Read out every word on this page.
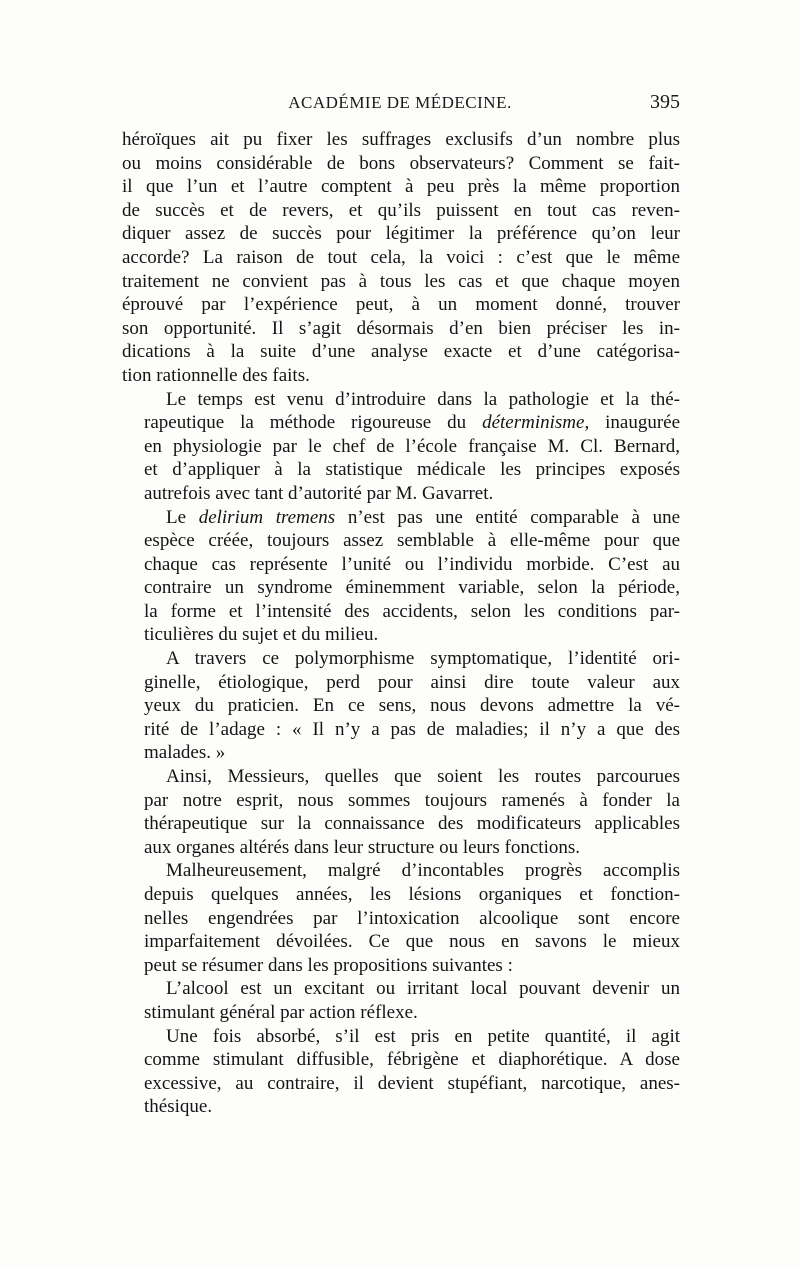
ACADÉMIE DE MÉDECINE.	395
héroïques ait pu fixer les suffrages exclusifs d’un nombre plus
ou moins considérable de bons observateurs? Comment se fait-
il que l’un et l’autre comptent à peu près la même proportion
de succès et de revers, et qu’ils puissent en tout cas reven-
diquer assez de succès pour légitimer la préférence qu’on leur
accorde? La raison de tout cela, la voici : c’est que le même
traitement ne convient pas à tous les cas et que chaque moyen
éprouvé par l’expérience peut, à un moment donné, trouver
son opportunité. Il s’agit désormais d’en bien préciser les in-
dications à la suite d’une analyse exacte et d’une catégorisa-
tion rationnelle des faits.
Le temps est venu d’introduire dans la pathologie et la thé-
rapeutique la méthode rigoureuse du déterminisme, inaugurée
en physiologie par le chef de l’école française M. Cl. Bernard,
et d’appliquer à la statistique médicale les principes exposés
autrefois avec tant d’autorité par M. Gavarret.
Le delirium tremens n’est pas une entité comparable à une
espèce créée, toujours assez semblable à elle-même pour que
chaque cas représente l’unité ou l’individu morbide. C’est au
contraire un syndrome éminemment variable, selon la période,
la forme et l’intensité des accidents, selon les conditions par-
ticulières du sujet et du milieu.
A travers ce polymorphisme symptomatique, l’identité ori-
ginelle, étiologique, perd pour ainsi dire toute valeur aux
yeux du praticien. En ce sens, nous devons admettre la vé-
rité de l’adage : « Il n’y a pas de maladies; il n’y a que des
malades. »
Ainsi, Messieurs, quelles que soient les routes parcourues
par notre esprit, nous sommes toujours ramenés à fonder la
thérapeutique sur la connaissance des modificateurs applicables
aux organes altérés dans leur structure ou leurs fonctions.
Malheureusement, malgré d’incontables progrès accomplis
depuis quelques années, les lésions organiques et fonction-
nelles engendrées par l’intoxication alcoolique sont encore
imparfaitement dévoilées. Ce que nous en savons le mieux
peut se résumer dans les propositions suivantes :
L’alcool est un excitant ou irritant local pouvant devenir un
stimulant général par action réflexe.
Une fois absorbé, s’il est pris en petite quantité, il agit
comme stimulant diffusible, fébrigène et diaphorétique. A dose
excessive, au contraire, il devient stupéfiant, narcotique, anes-
thésique.
